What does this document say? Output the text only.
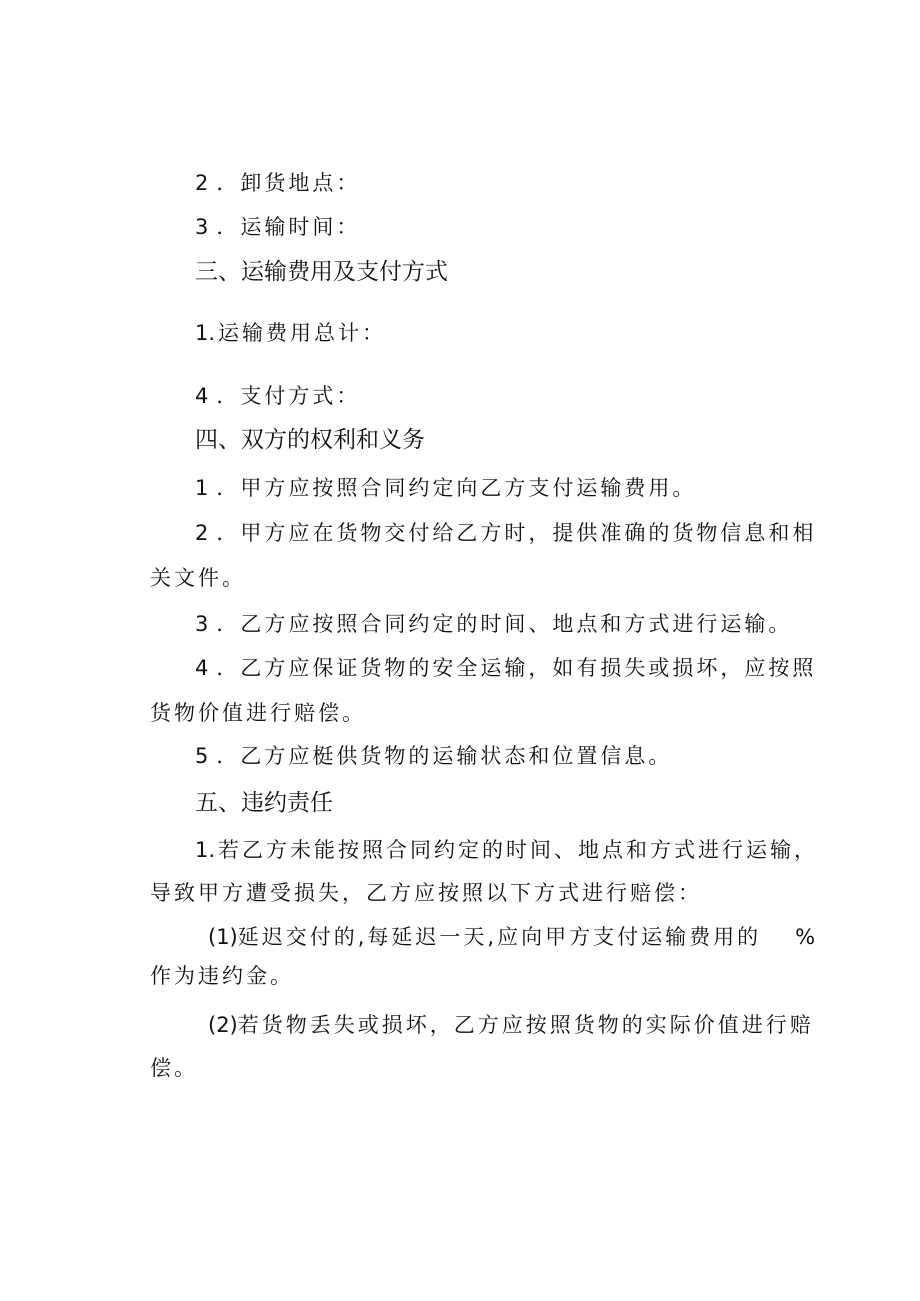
2 ．卸货地点：
3 ．运输时间：
三、运输费用及支付方式
1.运输费用总计：
4 ．支付方式：
四、双方的权利和义务
1 ．甲方应按照合同约定向乙方支付运输费用。
2 ．甲方应在货物交付给乙方时，提供准确的货物信息和相
关文件。
3 ．乙方应按照合同约定的时间、地点和方式进行运输。
4 ．乙方应保证货物的安全运输，如有损失或损坏，应按照
货物价值进行赔偿。
5 ．乙方应梃供货物的运输状态和位置信息。
五、违约责任
1.若乙方未能按照合同约定的时间、地点和方式进行运输，
导致甲方遭受损失，乙方应按照以下方式进行赔偿：
(1)延迟交付的,每延迟一天,应向甲方支付运输费用的 %
作为违约金。
(2)若货物丢失或损坏，乙方应按照货物的实际价值进行赔
偿。
